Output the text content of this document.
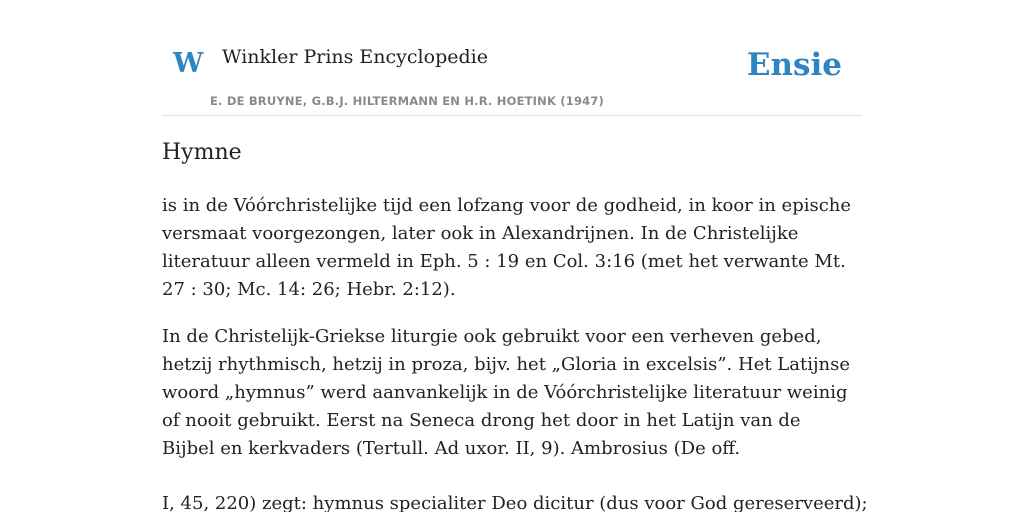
W Winkler Prins Encyclopedie
E. DE BRUYNE, G.B.J. HILTERMANN EN H.R. HOETINK (1947)
Ensie
Hymne

is in de Vóórchristelijke tijd een lofzang voor de godheid, in koor in epische versmaat voorgezongen, later ook in Alexandrijnen. In de Christelijke literatuur alleen vermeld in Eph. 5 : 19 en Col. 3:16 (met het verwante Mt. 27 : 30; Mc. 14: 26; Hebr. 2:12).

In de Christelijk-Griekse liturgie ook gebruikt voor een verheven gebed, hetzij rhythmisch, hetzij in proza, bijv. het „Gloria in excelsis”. Het Latijnse woord „hymnus” werd aanvankelijk in de Vóórchristelijke literatuur weinig of nooit gebruikt. Eerst na Seneca drong het door in het Latijn van de Bijbel en kerkvaders (Tertull. Ad uxor. II, 9). Ambrosius (De off.

I, 45, 220) zegt: hymnus specialiter Deo dicitur (dus voor God gereserveerd);
